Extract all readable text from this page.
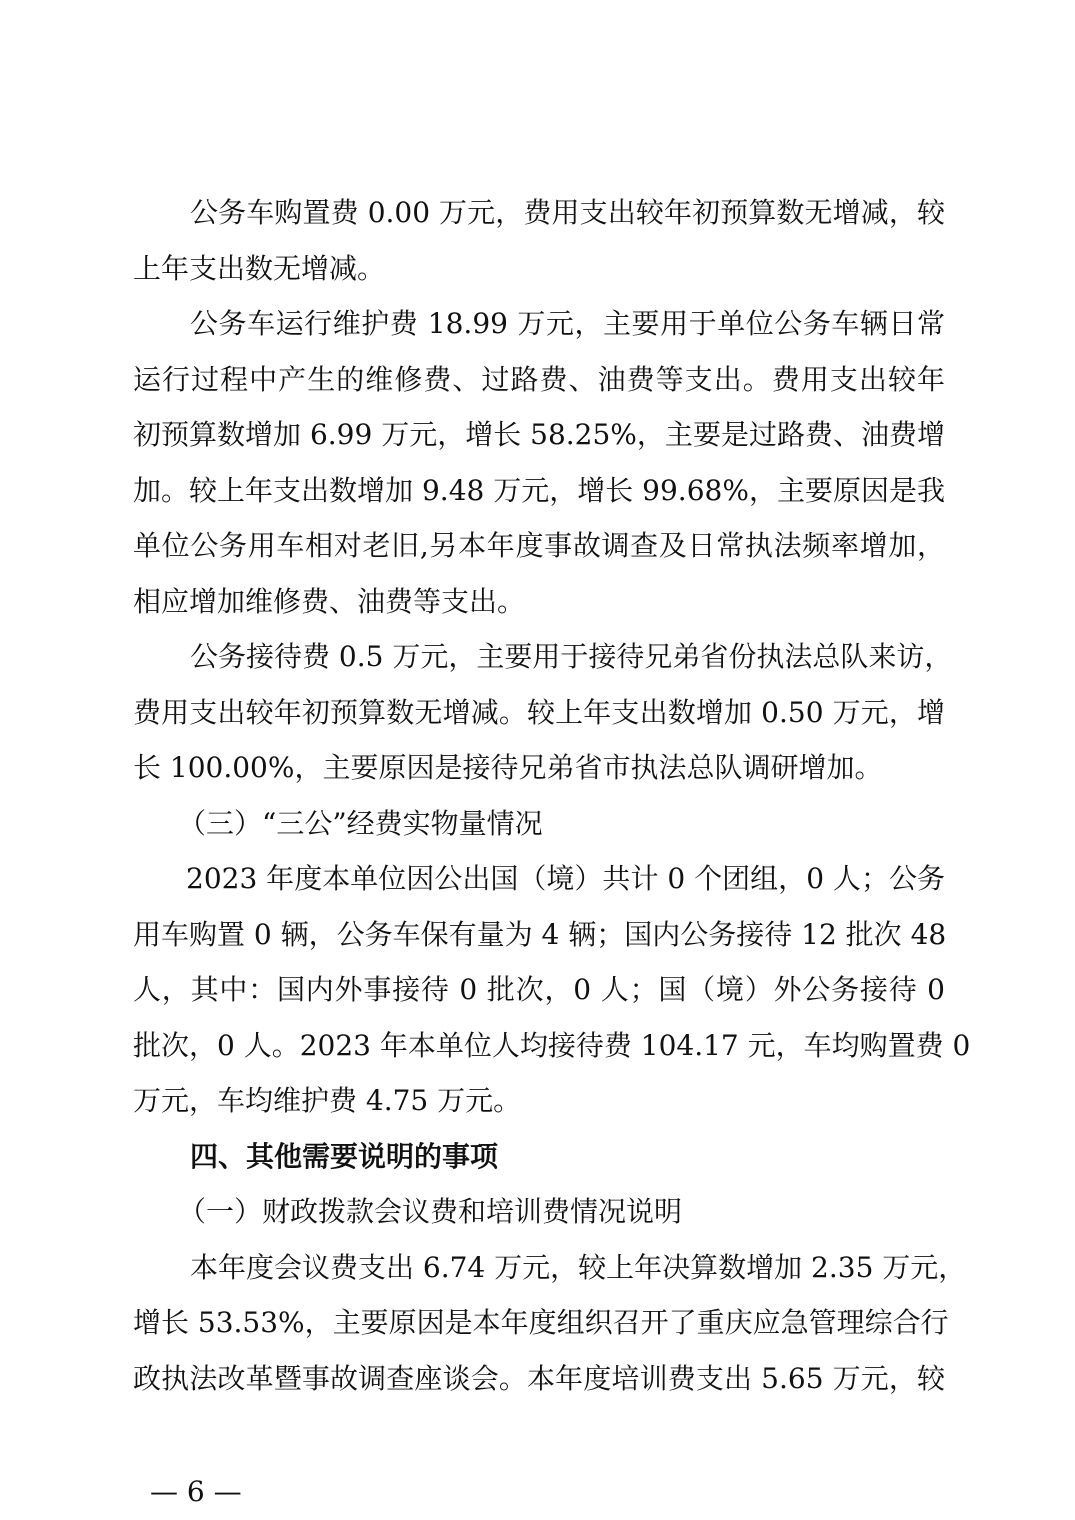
公务车购置费 0.00 万元，费用支出较年初预算数无增减，较
上年支出数无增减。
公务车运行维护费 18.99 万元，主要用于单位公务车辆日常
运行过程中产生的维修费、过路费、油费等支出。费用支出较年
初预算数增加 6.99 万元，增长 58.25%，主要是过路费、油费增
加。较上年支出数增加 9.48 万元，增长 99.68%，主要原因是我
单位公务用车相对老旧,另本年度事故调查及日常执法频率增加，
相应增加维修费、油费等支出。
公务接待费 0.5 万元，主要用于接待兄弟省份执法总队来访，
费用支出较年初预算数无增减。较上年支出数增加 0.50 万元，增
长 100.00%，主要原因是接待兄弟省市执法总队调研增加。
（三）“三公”经费实物量情况
2023 年度本单位因公出国（境）共计 0 个团组，0 人；公务
用车购置 0 辆，公务车保有量为 4 辆；国内公务接待 12 批次 48
人，其中：国内外事接待 0 批次，0 人；国（境）外公务接待 0
批次，0 人。2023 年本单位人均接待费 104.17 元，车均购置费 0
万元，车均维护费 4.75 万元。
四、其他需要说明的事项
（一）财政拨款会议费和培训费情况说明
本年度会议费支出 6.74 万元，较上年决算数增加 2.35 万元，
增长 53.53%，主要原因是本年度组织召开了重庆应急管理综合行
政执法改革暨事故调查座谈会。本年度培训费支出 5.65 万元，较
— 6 —
